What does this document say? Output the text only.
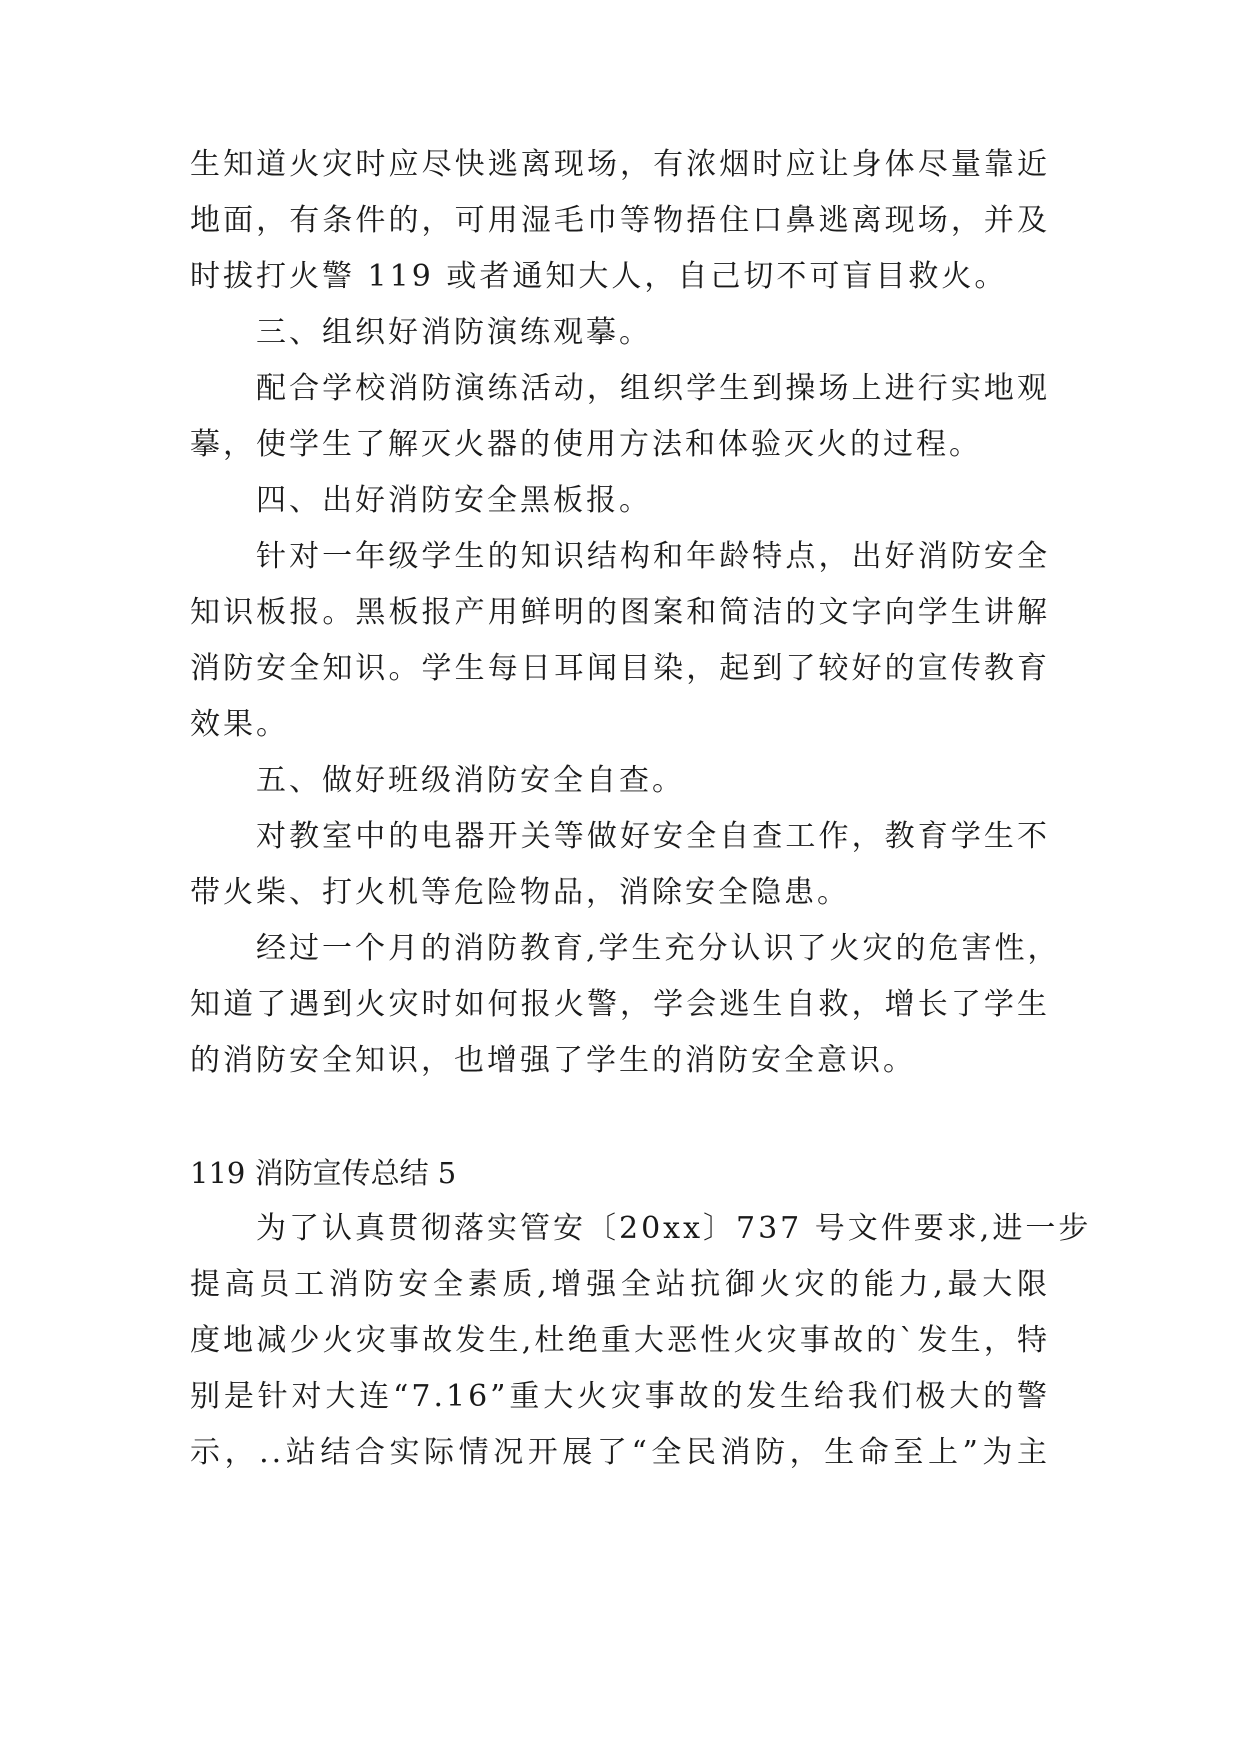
生知道火灾时应尽快逃离现场，有浓烟时应让身体尽量靠近
地面，有条件的，可用湿毛巾等物捂住口鼻逃离现场，并及
时拔打火警 119 或者通知大人，自己切不可盲目救火。
三、组织好消防演练观摹。
配合学校消防演练活动，组织学生到操场上进行实地观
摹，使学生了解灭火器的使用方法和体验灭火的过程。
四、出好消防安全黑板报。
针对一年级学生的知识结构和年龄特点，出好消防安全
知识板报。黑板报产用鲜明的图案和简洁的文字向学生讲解
消防安全知识。学生每日耳闻目染，起到了较好的宣传教育
效果。
五、做好班级消防安全自查。
对教室中的电器开关等做好安全自查工作，教育学生不
带火柴、打火机等危险物品，消除安全隐患。
经过一个月的消防教育,学生充分认识了火灾的危害性，
知道了遇到火灾时如何报火警，学会逃生自救，增长了学生
的消防安全知识，也增强了学生的消防安全意识。
119 消防宣传总结 5
为了认真贯彻落实管安〔20xx〕737 号文件要求,进一步
提高员工消防安全素质,增强全站抗御火灾的能力,最大限
度地减少火灾事故发生,杜绝重大恶性火灾事故的`发生，特
别是针对大连“7.16”重大火灾事故的发生给我们极大的警
示，..站结合实际情况开展了“全民消防，生命至上”为主
